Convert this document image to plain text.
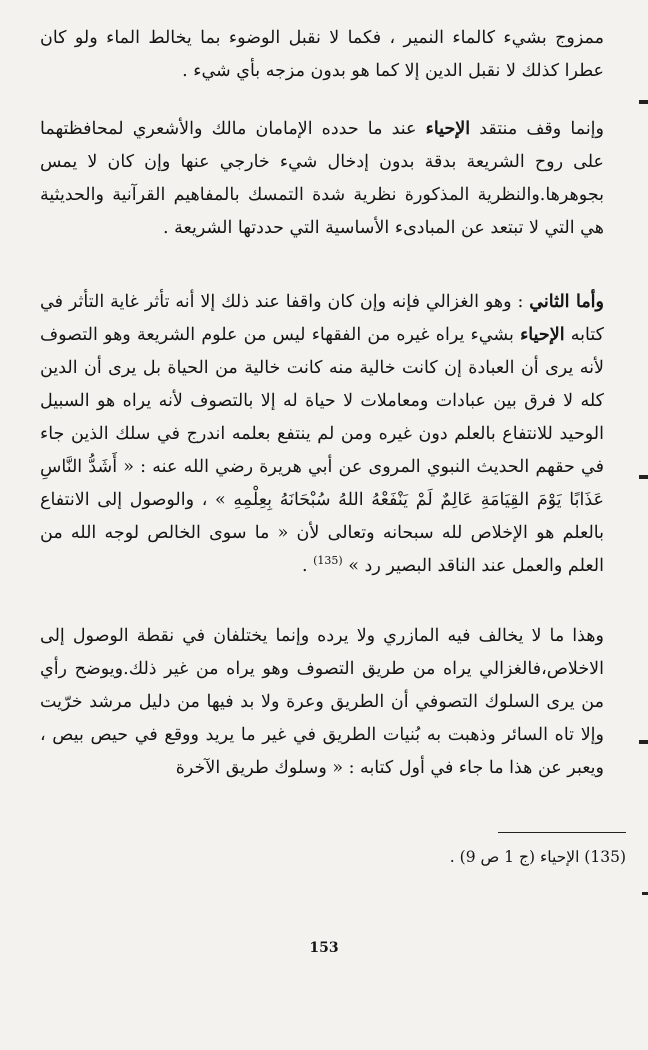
ممزوج بشيء كالماء النمير ، فكما لا نقبل الوضوء بما يخالط الماء ولو كان عطرا كذلك لا نقبل الدين إلا كما هو بدون مزجه بأي شيء .

وإنما وقف منتقد الإحياء عند ما حدده الإمامان مالك والأشعري لمحافظتهما على روح الشريعة بدقة بدون إدخال شيء خارجي عنها وإن كان لا يمس بجوهرها.والنظرية المذكورة نظرية شدة التمسك بالمفاهيم القرآنية والحديثية هي التي لا تبتعد عن المبادىء الأساسية التي حددتها الشريعة .

وأما الثاني : وهو الغزالي فإنه وإن كان واقفا عند ذلك إلا أنه تأثر غاية التأثر في كتابه الإحياء بشيء يراه غيره من الفقهاء ليس من علوم الشريعة وهو التصوف لأنه يرى أن العبادة إن كانت خالية منه كانت خالية من الحياة بل يرى أن الدين كله لا فرق بين عبادات ومعاملات لا حياة له إلا بالتصوف لأنه يراه هو السبيل الوحيد للانتفاع بالعلم دون غيره ومن لم ينتفع بعلمه اندرج في سلك الذين جاء في حقهم الحديث النبوي المروى عن أبي هريرة رضي الله عنه : « أَشَدُّ النَّاسِ عَذَابًا يَوْمَ القِيَامَةِ عَالِمٌ لَمْ يَنْفَعْهُ اللهُ سُبْحَانَهُ بِعِلْمِهِ » ، والوصول إلى الانتفاع بالعلم هو الإخلاص لله سبحانه وتعالى لأن « ما سوى الخالص لوجه الله من العلم والعمل عند الناقد البصير رد » $^{(135)}$ .

وهذا ما لا يخالف فيه المازري ولا يرده وإنما يختلفان في نقطة الوصول إلى الاخلاص،فالغزالي يراه من طريق التصوف وهو يراه من غير ذلك.ويوضح رأي من يرى السلوك التصوفي أن الطريق وعرة ولا بد فيها من دليل مرشد خرّيت وإلا تاه السائر وذهبت به بُنيات الطريق في غير ما يريد ووقع في حيص بيص ، ويعبر عن هذا ما جاء في أول كتابه : « وسلوك طريق الآخرة

(135) الإحياء (ج 1 ص 9) .

153
